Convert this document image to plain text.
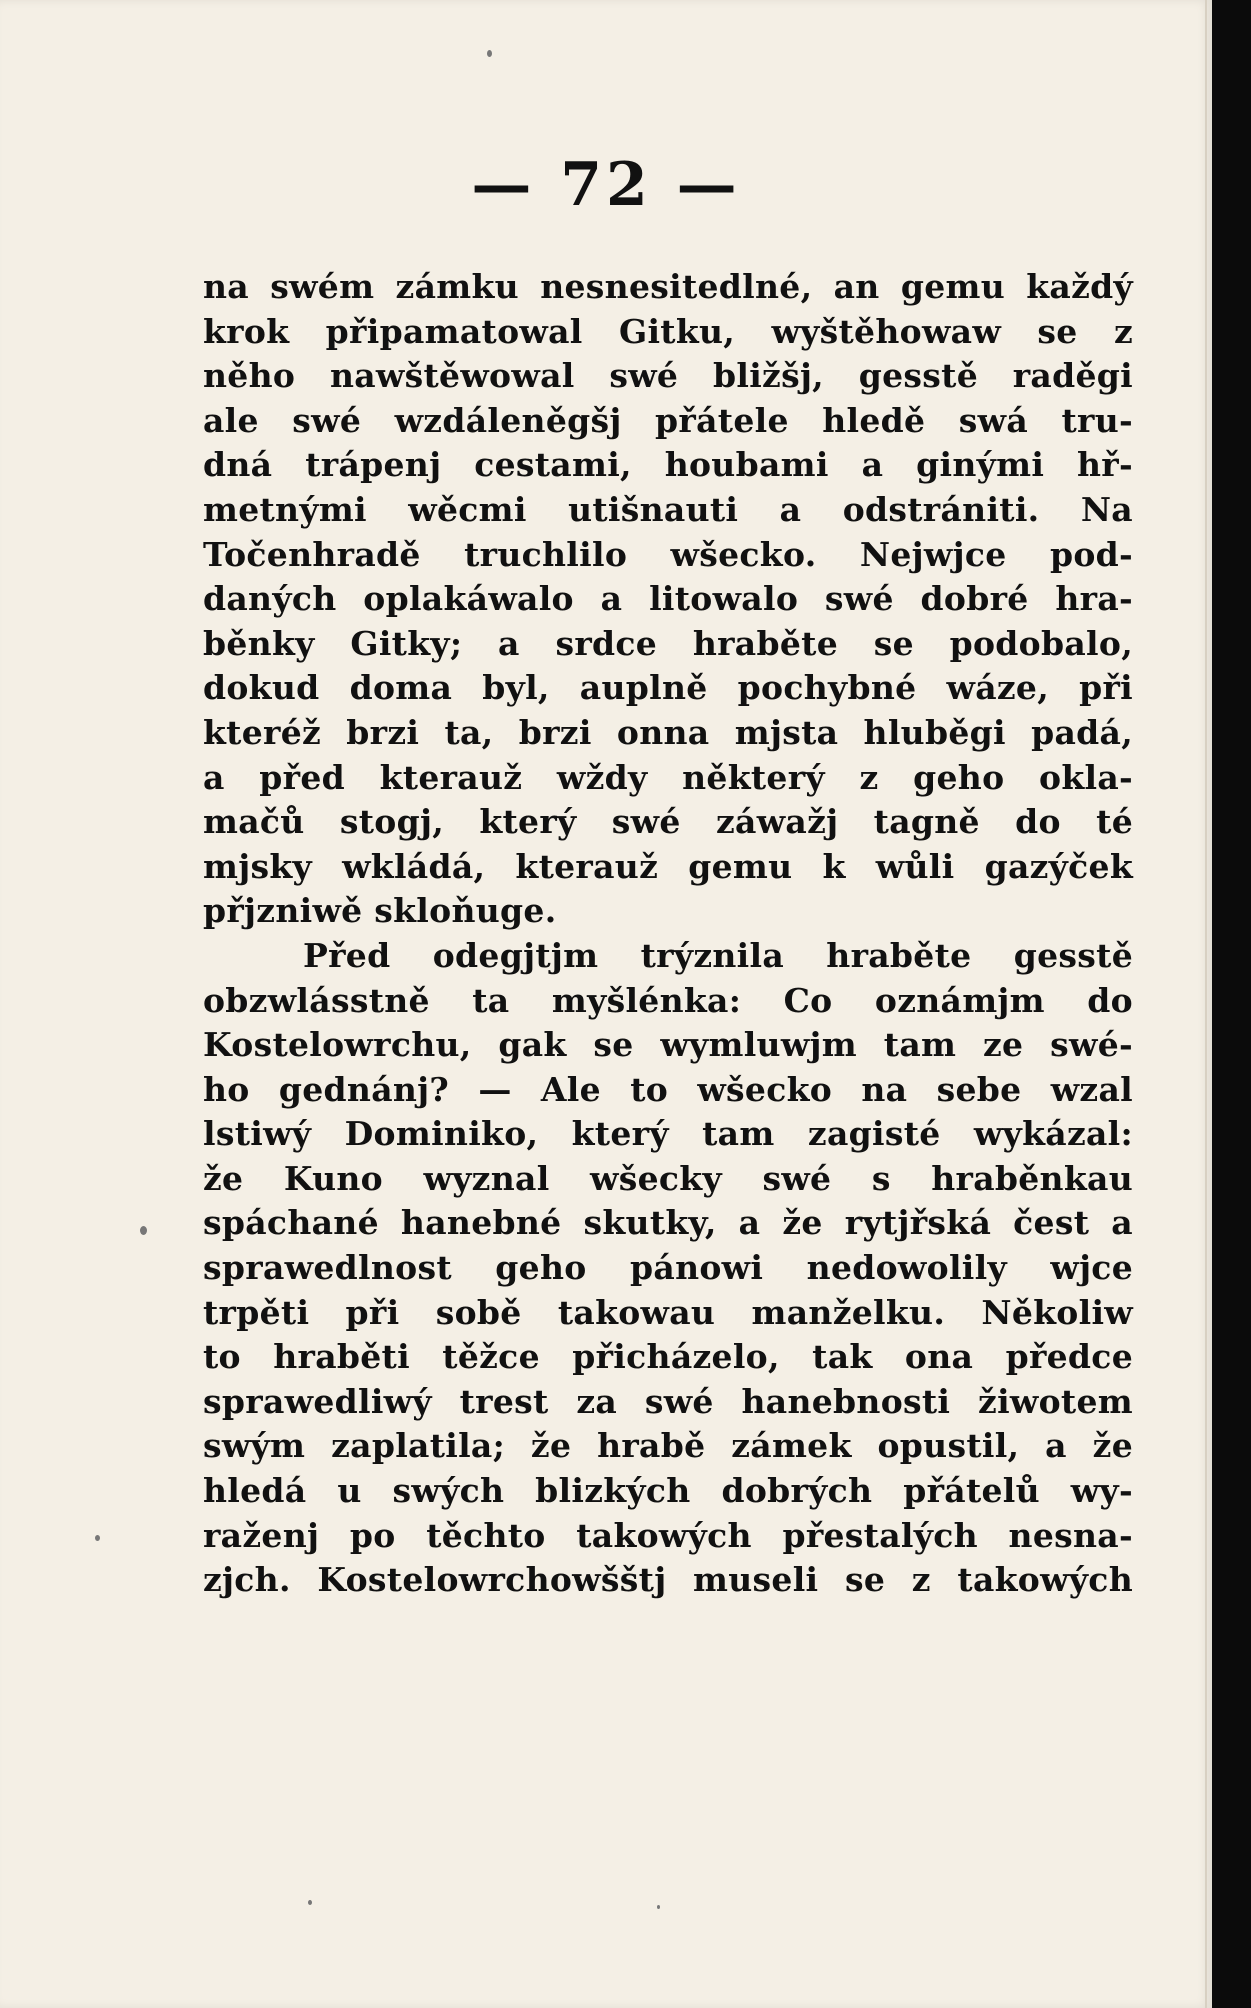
— 72 —
na swém zámku nesnesitedlné, an gemu každý
krok připamatowal Gitku, wyštěhowaw se z
něho nawštěwowal swé bližšj, gesstě raděgi
ale swé wzdáleněgšj přátele hledě swá tru-
dná trápenj cestami, houbami a ginými hř-
metnými wěcmi utišnauti a odstrániti. Na
Točenhradě truchlilo wšecko. Nejwjce pod-
daných oplakáwalo a litowalo swé dobré hra-
běnky Gitky; a srdce hraběte se podobalo,
dokud doma byl, auplně pochybné wáze, při
kteréž brzi ta, brzi onna mjsta hluběgi padá,
a před kterauž wždy některý z geho okla-
mačů stogj, který swé záwažj tagně do té
mjsky wkládá, kterauž gemu k wůli gazýček
přjzniwě skloňuge.
Před odegjtjm trýznila hraběte gesstě
obzwlásstně ta myšlénka: Co oznámjm do
Kostelowrchu, gak se wymluwjm tam ze swé-
ho gednánj? — Ale to wšecko na sebe wzal
lstiwý Dominiko, který tam zagisté wykázal:
že Kuno wyznal wšecky swé s hraběnkau
spáchané hanebné skutky, a že rytjřská čest a
sprawedlnost geho pánowi nedowolily wjce
trpěti při sobě takowau manželku. Několiw
to hraběti těžce přicházelo, tak ona předce
sprawedliwý trest za swé hanebnosti žiwotem
swým zaplatila; že hrabě zámek opustil, a že
hledá u swých blizkých dobrých přátelů wy-
raženj po těchto takowých přestalých nesna-
zjch. Kostelowrchowšštj museli se z takowých
